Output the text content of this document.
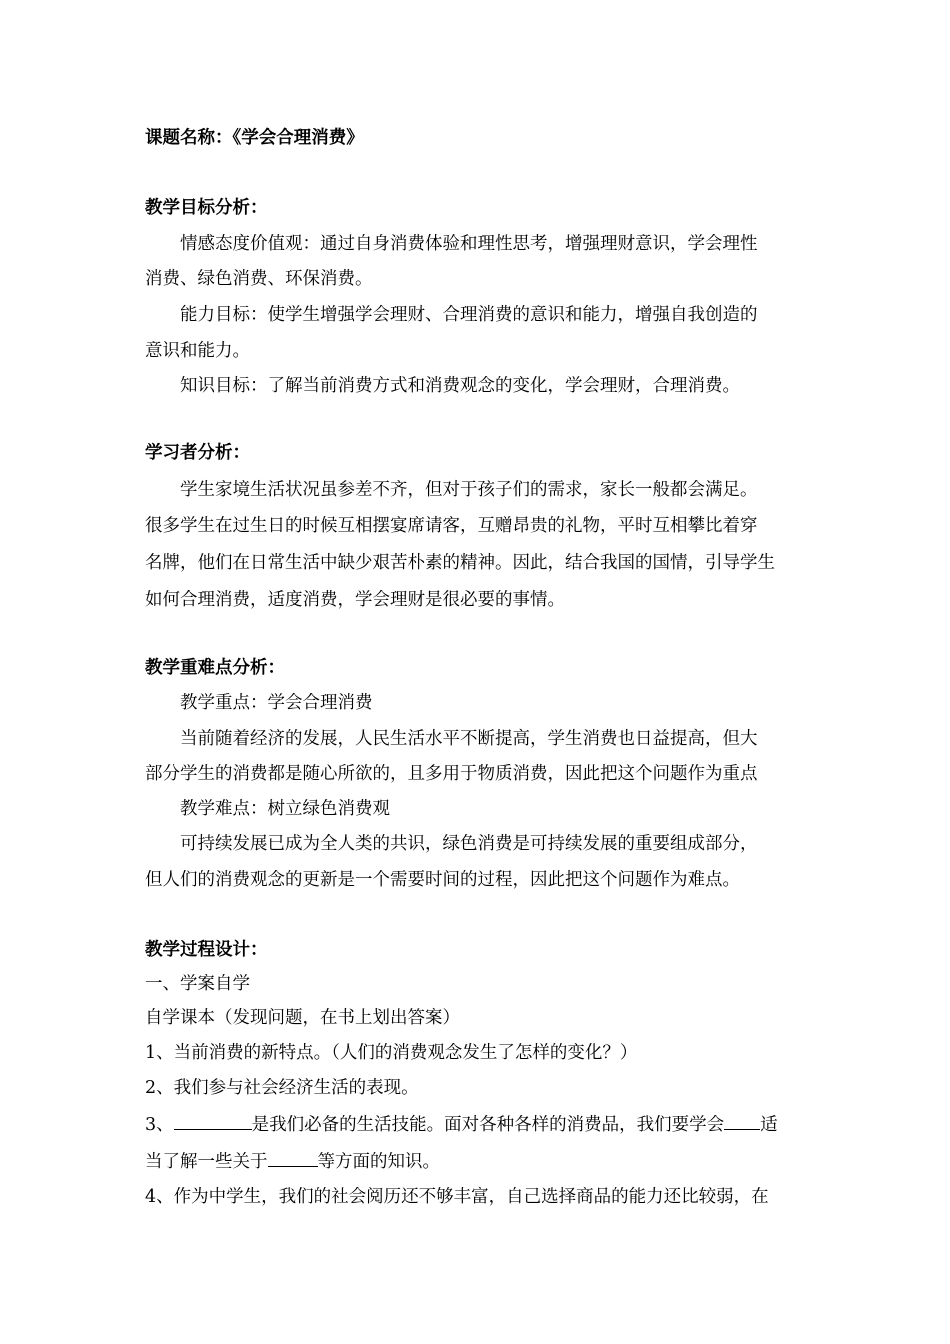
课题名称：《学会合理消费》
教学目标分析：
情感态度价值观：通过自身消费体验和理性思考，增强理财意识，学会理性
消费、绿色消费、环保消费。
能力目标：使学生增强学会理财、合理消费的意识和能力，增强自我创造的
意识和能力。
知识目标：了解当前消费方式和消费观念的变化，学会理财，合理消费。
学习者分析：
学生家境生活状况虽参差不齐，但对于孩子们的需求，家长一般都会满足。
很多学生在过生日的时候互相摆宴席请客，互赠昂贵的礼物，平时互相攀比着穿
名牌，他们在日常生活中缺少艰苦朴素的精神。因此，结合我国的国情，引导学生
如何合理消费，适度消费，学会理财是很必要的事情。
教学重难点分析：
教学重点：学会合理消费
当前随着经济的发展，人民生活水平不断提高，学生消费也日益提高，但大
部分学生的消费都是随心所欲的，且多用于物质消费，因此把这个问题作为重点
教学难点：树立绿色消费观
可持续发展已成为全人类的共识，绿色消费是可持续发展的重要组成部分，
但人们的消费观念的更新是一个需要时间的过程，因此把这个问题作为难点。
教学过程设计：
一、学案自学
自学课本（发现问题，在书上划出答案）
1、当前消费的新特点。（人们的消费观念发生了怎样的变化？）
2、我们参与社会经济生活的表现。
3、	是我们必备的生活技能。面对各种各样的消费品，我们要学会 适
当了解一些关于	等方面的知识。
4、作为中学生，我们的社会阅历还不够丰富，自己选择商品的能力还比较弱，在
